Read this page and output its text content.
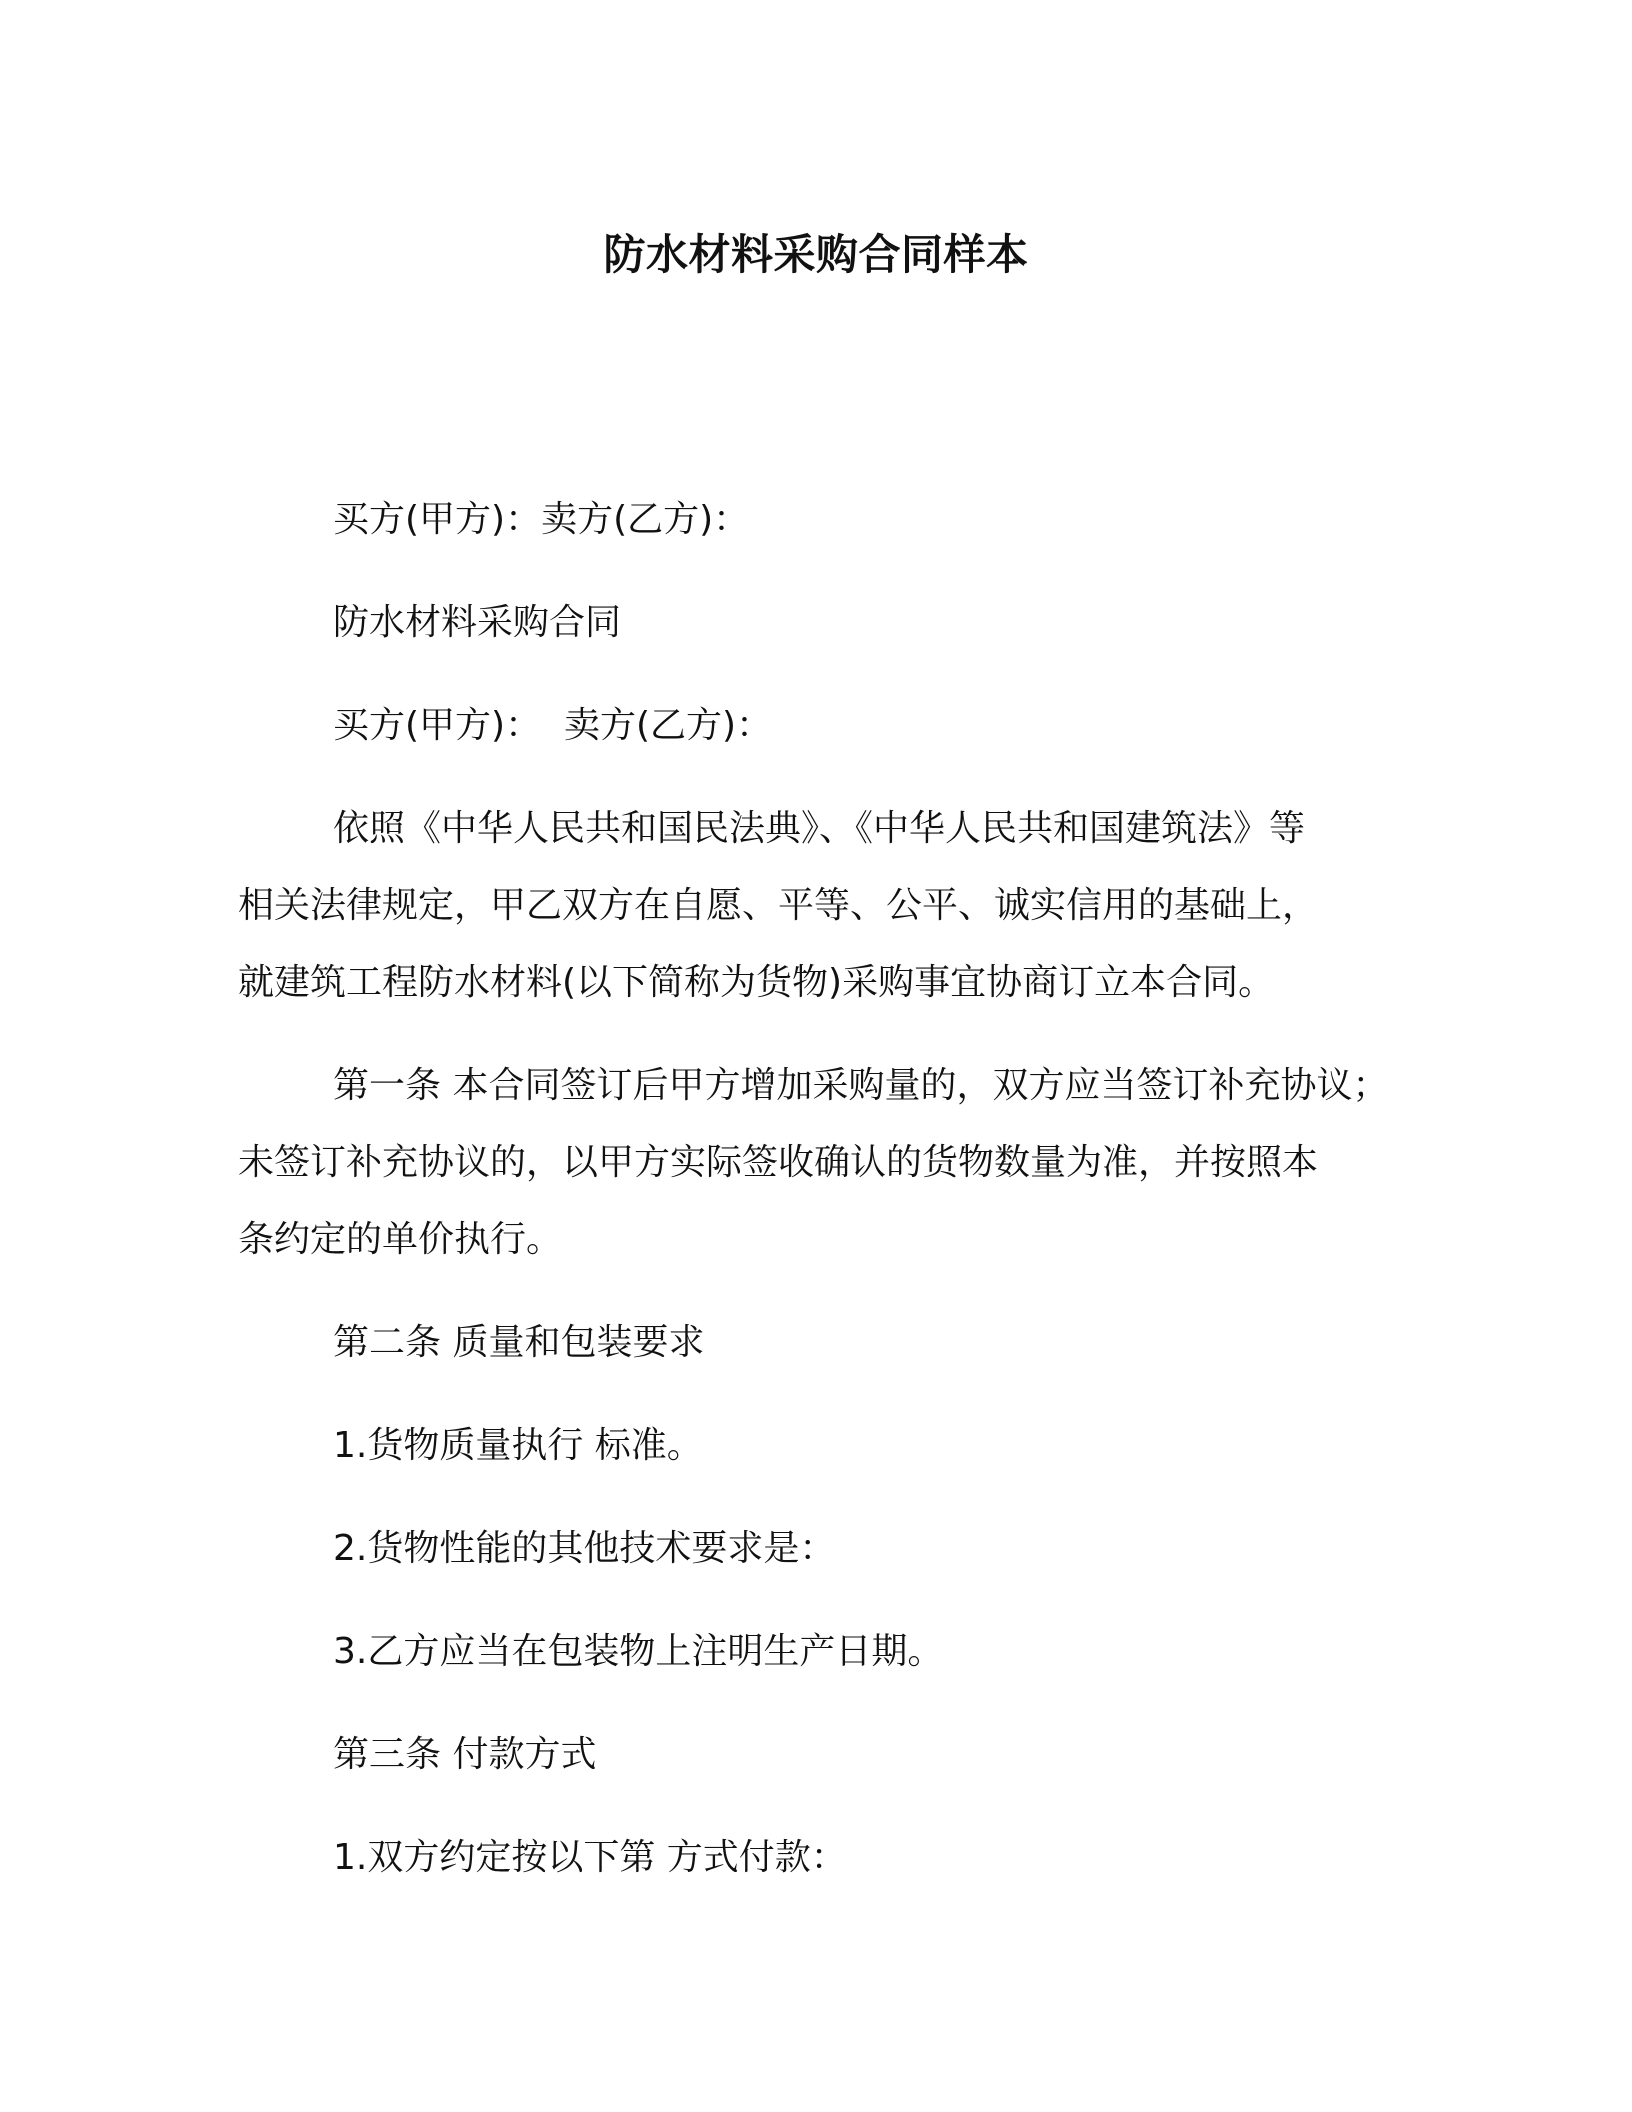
防水材料采购合同样本

买方(甲方)：卖方(乙方)：

防水材料采购合同

买方(甲方)：  卖方(乙方)：

依照《中华人民共和国民法典》、《中华人民共和国建筑法》等

相关法律规定，甲乙双方在自愿、平等、公平、诚实信用的基础上，

就建筑工程防水材料(以下简称为货物)采购事宜协商订立本合同。

第一条 本合同签订后甲方增加采购量的，双方应当签订补充协议；

未签订补充协议的，以甲方实际签收确认的货物数量为准，并按照本

条约定的单价执行。

第二条 质量和包装要求

1.货物质量执行 标准。

2.货物性能的其他技术要求是：

3.乙方应当在包装物上注明生产日期。

第三条 付款方式

1.双方约定按以下第 方式付款：
